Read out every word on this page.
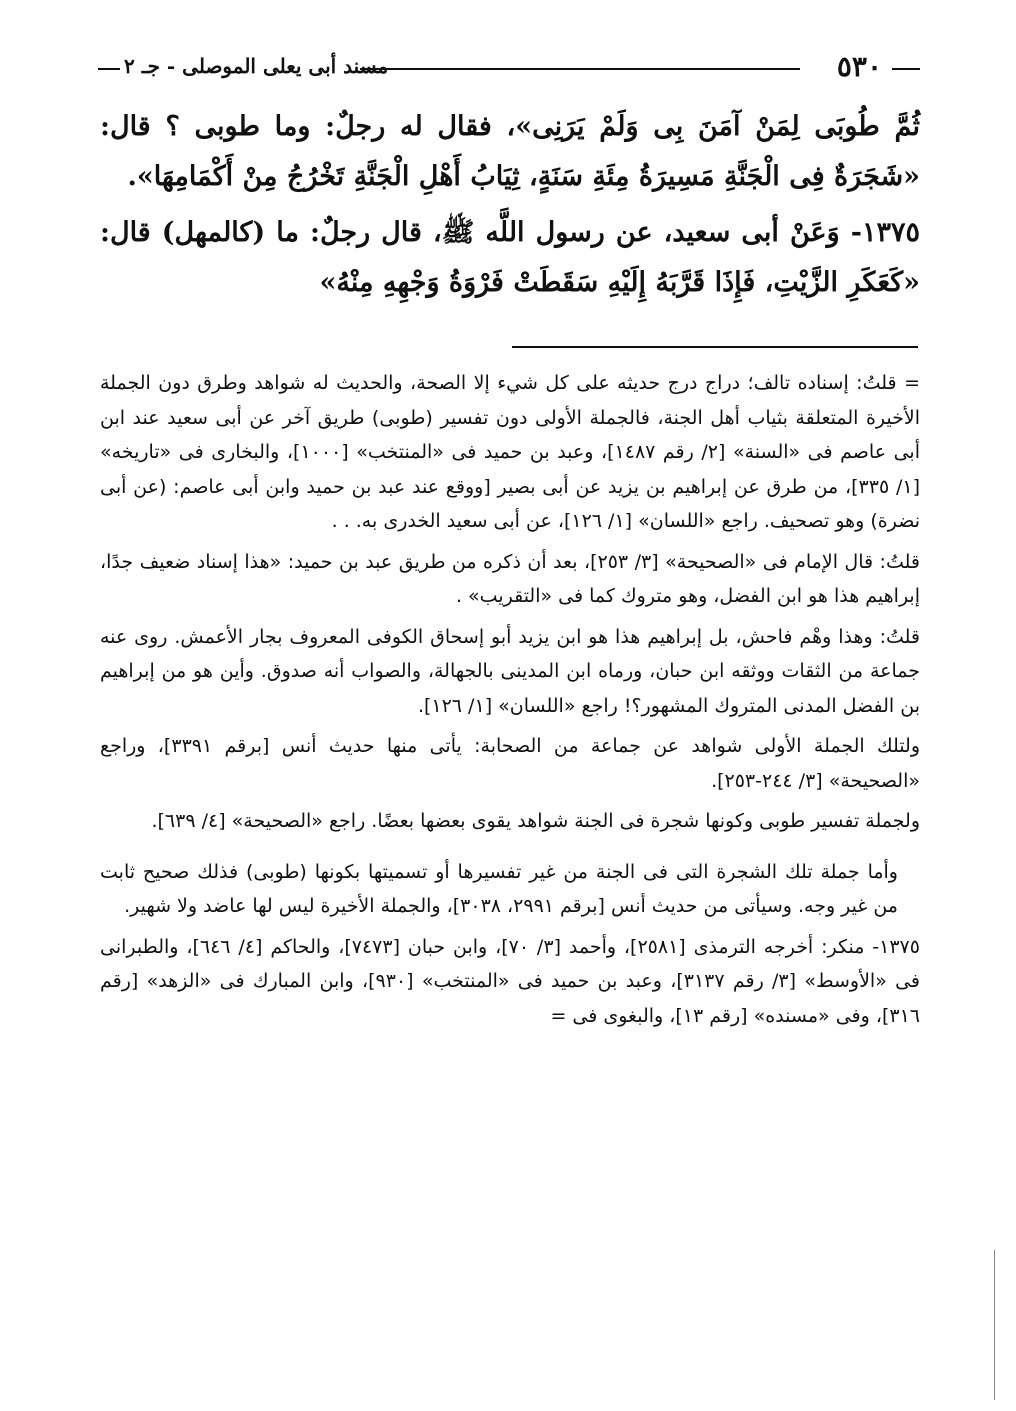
٥٣٠
مسند أبى يعلى الموصلى - جـ ٢

ثُمَّ طُوبَى لِمَنْ آمَنَ بِى وَلَمْ يَرَنِى»، فقال له رجلٌ: وما طوبى ؟ قال: «شَجَرَةٌ فِى الْجَنَّةِ مَسِيرَةُ مِئَةِ سَنَةٍ، ثِيَابُ أَهْلِ الْجَنَّةِ تَخْرُجُ مِنْ أَكْمَامِهَا».

١٣٧٥- وَعَنْ أبى سعيد، عن رسول اللَّه ﷺ، قال رجلٌ: ما (كالمهل) قال: «كَعَكَرِ الزَّيْتِ، فَإِذَا قَرَّبَهُ إِلَيْهِ سَقَطَتْ فَرْوَةُ وَجْهِهِ مِنْهُ»

= قلتُ: إسناده تالف؛ دراج درج حديثه على كل شيء إلا الصحة، والحديث له شواهد وطرق دون الجملة الأخيرة المتعلقة بثياب أهل الجنة، فالجملة الأولى دون تفسير (طوبى) طريق آخر عن أبى سعيد عند ابن أبى عاصم فى «السنة» [٢/ رقم ١٤٨٧]، وعبد بن حميد فى «المنتخب» [١٠٠٠]، والبخارى فى «تاريخه» [١/ ٣٣٥]، من طرق عن إبراهيم بن يزيد عن أبى بصير [ووقع عند عبد بن حميد وابن أبى عاصم: (عن أبى نضرة) وهو تصحيف. راجع «اللسان» [١/ ١٢٦]، عن أبى سعيد الخدرى به. . .

قلتُ: قال الإمام فى «الصحيحة» [٣/ ٢٥٣]، بعد أن ذكره من طريق عبد بن حميد: «هذا إسناد ضعيف جدًا، إبراهيم هذا هو ابن الفضل، وهو متروك كما فى «التقريب» .

قلتُ: وهذا وهْم فاحش، بل إبراهيم هذا هو ابن يزيد أبو إسحاق الكوفى المعروف بجار الأعمش. روى عنه جماعة من الثقات ووثقه ابن حبان، ورماه ابن المدينى بالجهالة، والصواب أنه صدوق. وأين هو من إبراهيم بن الفضل المدنى المتروك المشهور؟! راجع «اللسان» [١/ ١٢٦].

ولتلك الجملة الأولى شواهد عن جماعة من الصحابة: يأتى منها حديث أنس [برقم ٣٣٩١]، وراجع «الصحيحة» [٣/ ٢٤٤-٢٥٣].

ولجملة تفسير طوبى وكونها شجرة فى الجنة شواهد يقوى بعضها بعضًا. راجع «الصحيحة» [٤/ ٦٣٩].

وأما جملة تلك الشجرة التى فى الجنة من غير تفسيرها أو تسميتها بكونها (طوبى) فذلك صحيح ثابت من غير وجه. وسيأتى من حديث أنس [برقم ٢٩٩١، ٣٠٣٨]، والجملة الأخيرة ليس لها عاضد ولا شهير.

١٣٧٥- منكر: أخرجه الترمذى [٢٥٨١]، وأحمد [٣/ ٧٠]، وابن حبان [٧٤٧٣]، والحاكم [٤/ ٦٤٦]، والطبرانى فى «الأوسط» [٣/ رقم ٣١٣٧]، وعبد بن حميد فى «المنتخب» [٩٣٠]، وابن المبارك فى «الزهد» [رقم ٣١٦]، وفى «مسنده» [رقم ١٣]، والبغوى فى =
